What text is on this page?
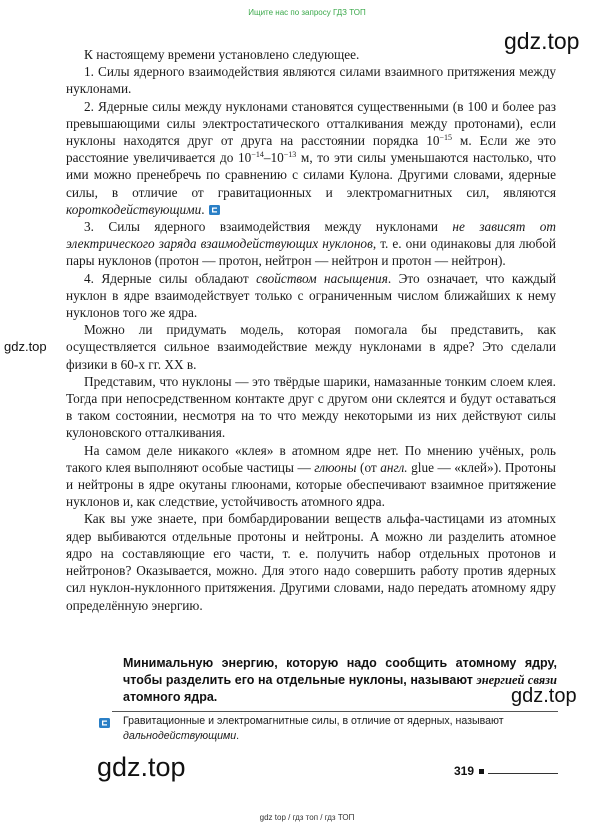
Ищите нас по запросу ГДЗ ТОП
gdz.top
gdz.top
gdz.top
gdz.top

К настоящему времени установлено следующее.

1. Силы ядерного взаимодействия являются силами взаимного притяжения между нуклонами.

2. Ядерные силы между нуклонами становятся существенными (в 100 и более раз превышающими силы электростатического отталкивания между протонами), если нуклоны находятся друг от друга на расстоянии порядка $10^{-15}$ м. Если же это расстояние увеличивается до $10^{-14}-10^{-13}$ м, то эти силы уменьшаются настолько, что ими можно пренебречь по сравнению с силами Кулона. Другими словами, ядерные силы, в отличие от гравитационных и электромагнитных сил, являются короткодействующими.

3. Силы ядерного взаимодействия между нуклонами не зависят от электрического заряда взаимодействующих нуклонов, т. е. они одинаковы для любой пары нуклонов (протон — протон, нейтрон — нейтрон и протон — нейтрон).

4. Ядерные силы обладают свойством насыщения. Это означает, что каждый нуклон в ядре взаимодействует только с ограниченным числом ближайших к нему нуклонов того же ядра.

Можно ли придумать модель, которая помогала бы представить, как осуществляется сильное взаимодействие между нуклонами в ядре? Это сделали физики в 60-х гг. XX в.

Представим, что нуклоны — это твёрдые шарики, намазанные тонким слоем клея. Тогда при непосредственном контакте друг с другом они склеятся и будут оставаться в таком состоянии, несмотря на то что между некоторыми из них действуют силы кулоновского отталкивания.

На самом деле никакого «клея» в атомном ядре нет. По мнению учёных, роль такого клея выполняют особые частицы — глюоны (от англ. glue — «клей»). Протоны и нейтроны в ядре окутаны глюонами, которые обеспечивают взаимное притяжение нуклонов и, как следствие, устойчивость атомного ядра.

Как вы уже знаете, при бомбардировании веществ альфа-частицами из атомных ядер выбиваются отдельные протоны и нейтроны. А можно ли разделить атомное ядро на составляющие его части, т. е. получить набор отдельных протонов и нейтронов? Оказывается, можно. Для этого надо совершить работу против ядерных сил нуклон-нуклонного притяжения. Другими словами, надо передать атомному ядру определённую энергию.

Минимальную энергию, которую надо сообщить атомному ядру, чтобы разделить его на отдельные нуклоны, называют энергией связи атомного ядра.
Гравитационные и электромагнитные силы, в отличие от ядерных, называют дальнодействующими.
319
gdz top / гдз топ / гдз ТОП
